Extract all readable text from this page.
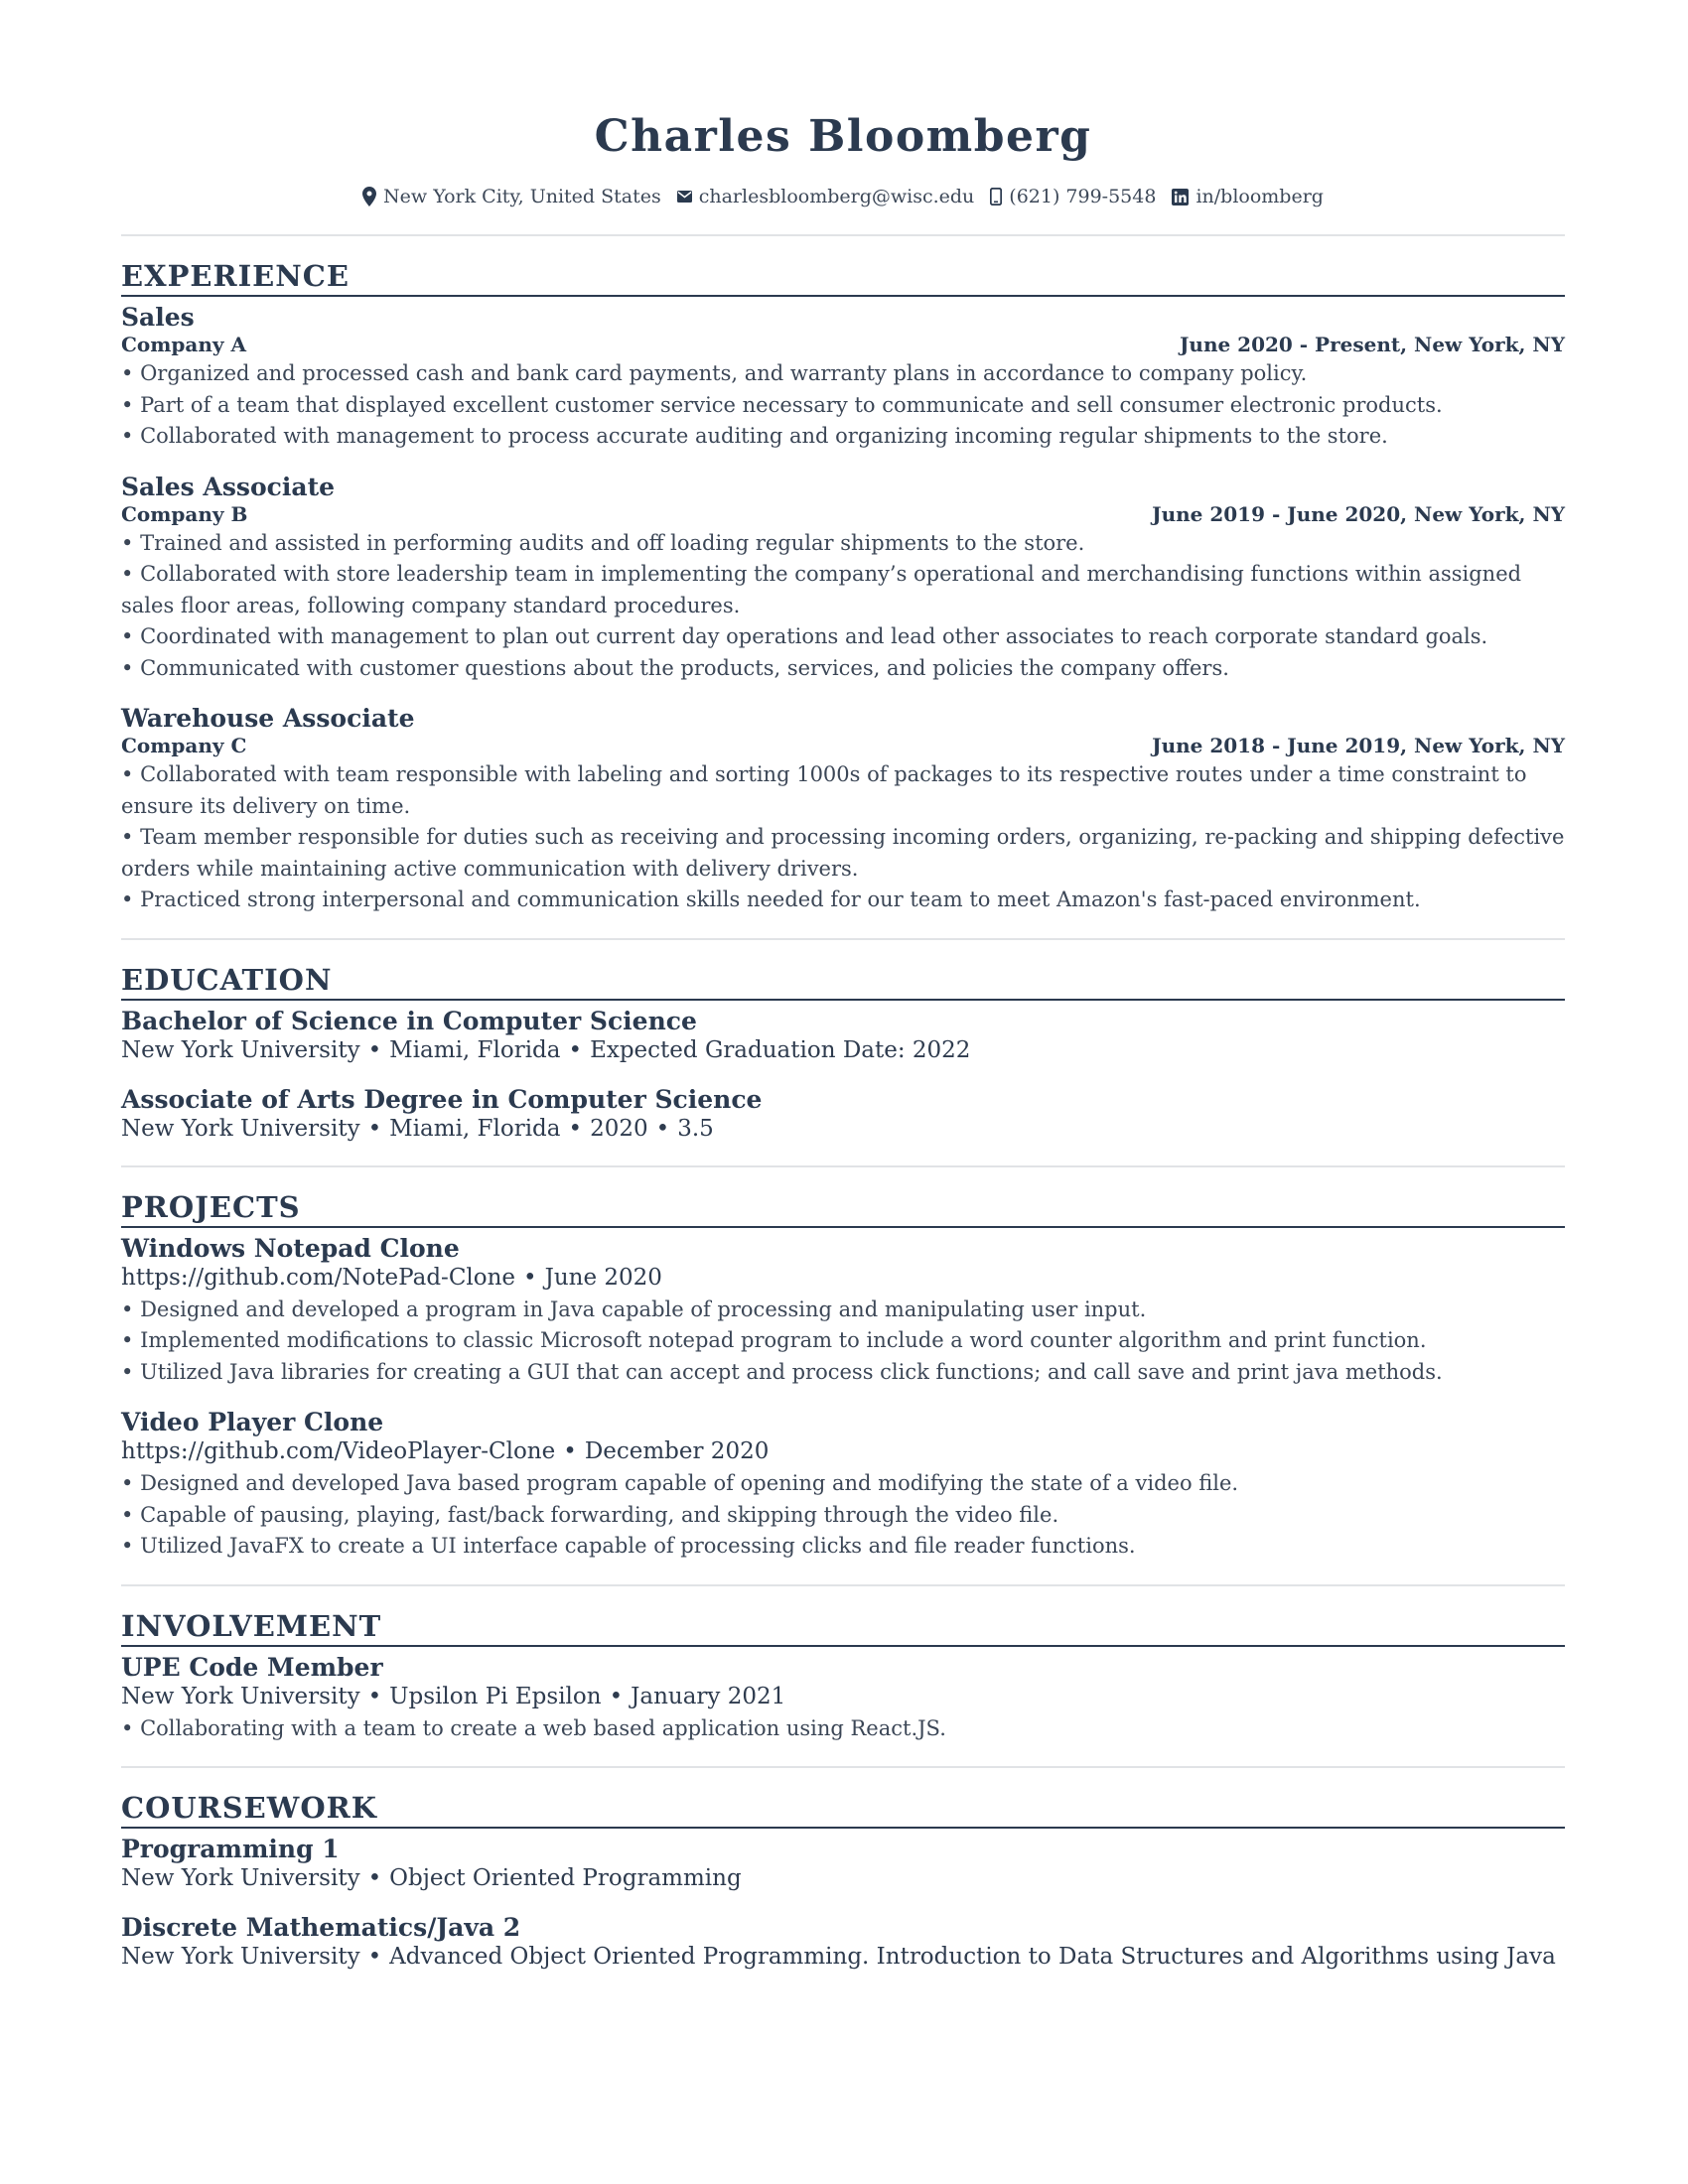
Charles Bloomberg
New York City, United States charlesbloomberg@wisc.edu (621) 799-5548 in/bloomberg
EXPERIENCE
Sales
Company A	June 2020 - Present, New York, NY
• Organized and processed cash and bank card payments, and warranty plans in accordance to company policy.
• Part of a team that displayed excellent customer service necessary to communicate and sell consumer electronic products.
• Collaborated with management to process accurate auditing and organizing incoming regular shipments to the store.
Sales Associate
Company B	June 2019 - June 2020, New York, NY
• Trained and assisted in performing audits and off loading regular shipments to the store.
• Collaborated with store leadership team in implementing the company’s operational and merchandising functions within assigned sales floor areas, following company standard procedures.
• Coordinated with management to plan out current day operations and lead other associates to reach corporate standard goals.
• Communicated with customer questions about the products, services, and policies the company offers.
Warehouse Associate
Company C	June 2018 - June 2019, New York, NY
• Collaborated with team responsible with labeling and sorting 1000s of packages to its respective routes under a time constraint to ensure its delivery on time.
• Team member responsible for duties such as receiving and processing incoming orders, organizing, re-packing and shipping defective orders while maintaining active communication with delivery drivers.
• Practiced strong interpersonal and communication skills needed for our team to meet Amazon's fast-paced environment.
EDUCATION
Bachelor of Science in Computer Science
New York University • Miami, Florida • Expected Graduation Date: 2022
Associate of Arts Degree in Computer Science
New York University • Miami, Florida • 2020 • 3.5
PROJECTS
Windows Notepad Clone
https://github.com/NotePad-Clone • June 2020
• Designed and developed a program in Java capable of processing and manipulating user input.
• Implemented modifications to classic Microsoft notepad program to include a word counter algorithm and print function.
• Utilized Java libraries for creating a GUI that can accept and process click functions; and call save and print java methods.
Video Player Clone
https://github.com/VideoPlayer-Clone • December 2020
• Designed and developed Java based program capable of opening and modifying the state of a video file.
• Capable of pausing, playing, fast/back forwarding, and skipping through the video file.
• Utilized JavaFX to create a UI interface capable of processing clicks and file reader functions.
INVOLVEMENT
UPE Code Member
New York University • Upsilon Pi Epsilon • January 2021
• Collaborating with a team to create a web based application using React.JS.
COURSEWORK
Programming 1
New York University • Object Oriented Programming
Discrete Mathematics/Java 2
New York University • Advanced Object Oriented Programming. Introduction to Data Structures and Algorithms using Java
